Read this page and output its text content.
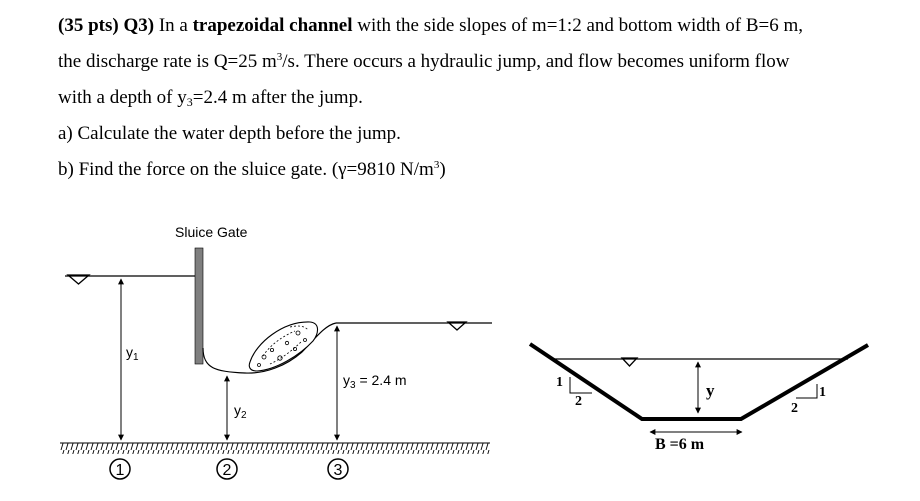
(35 pts) Q3) In a trapezoidal channel with the side slopes of m=1:2 and bottom width of B=6 m,
the discharge rate is Q=25 $m^3/s$. There occurs a hydraulic jump, and flow becomes uniform flow
with a depth of $y_3=2.4$ m after the jump.
a) Calculate the water depth before the jump.
b) Find the force on the sluice gate. (γ=9810 $N/m^3$)
Sluice Gate
$y_1$
$y_2$
$y_3 = 2.4$ m
1	2	3
y
B =6 m
1
2
1
2
